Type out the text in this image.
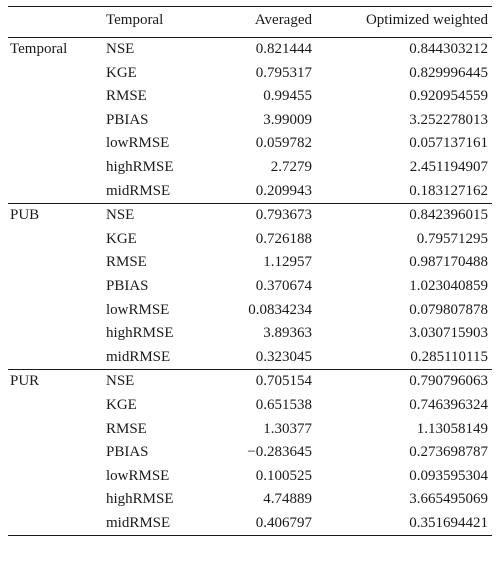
	Temporal	Averaged	Optimized weighted
Temporal	NSE	0.821444	0.844303212
	KGE	0.795317	0.829996445
	RMSE	0.99455	0.920954559
	PBIAS	3.99009	3.252278013
	lowRMSE	0.059782	0.057137161
	highRMSE	2.7279	2.451194907
	midRMSE	0.209943	0.183127162
PUB	NSE	0.793673	0.842396015
	KGE	0.726188	0.79571295
	RMSE	1.12957	0.987170488
	PBIAS	0.370674	1.023040859
	lowRMSE	0.0834234	0.079807878
	highRMSE	3.89363	3.030715903
	midRMSE	0.323045	0.285110115
PUR	NSE	0.705154	0.790796063
	KGE	0.651538	0.746396324
	RMSE	1.30377	1.13058149
	PBIAS	−0.283645	0.273698787
	lowRMSE	0.100525	0.093595304
	highRMSE	4.74889	3.665495069
	midRMSE	0.406797	0.351694421
